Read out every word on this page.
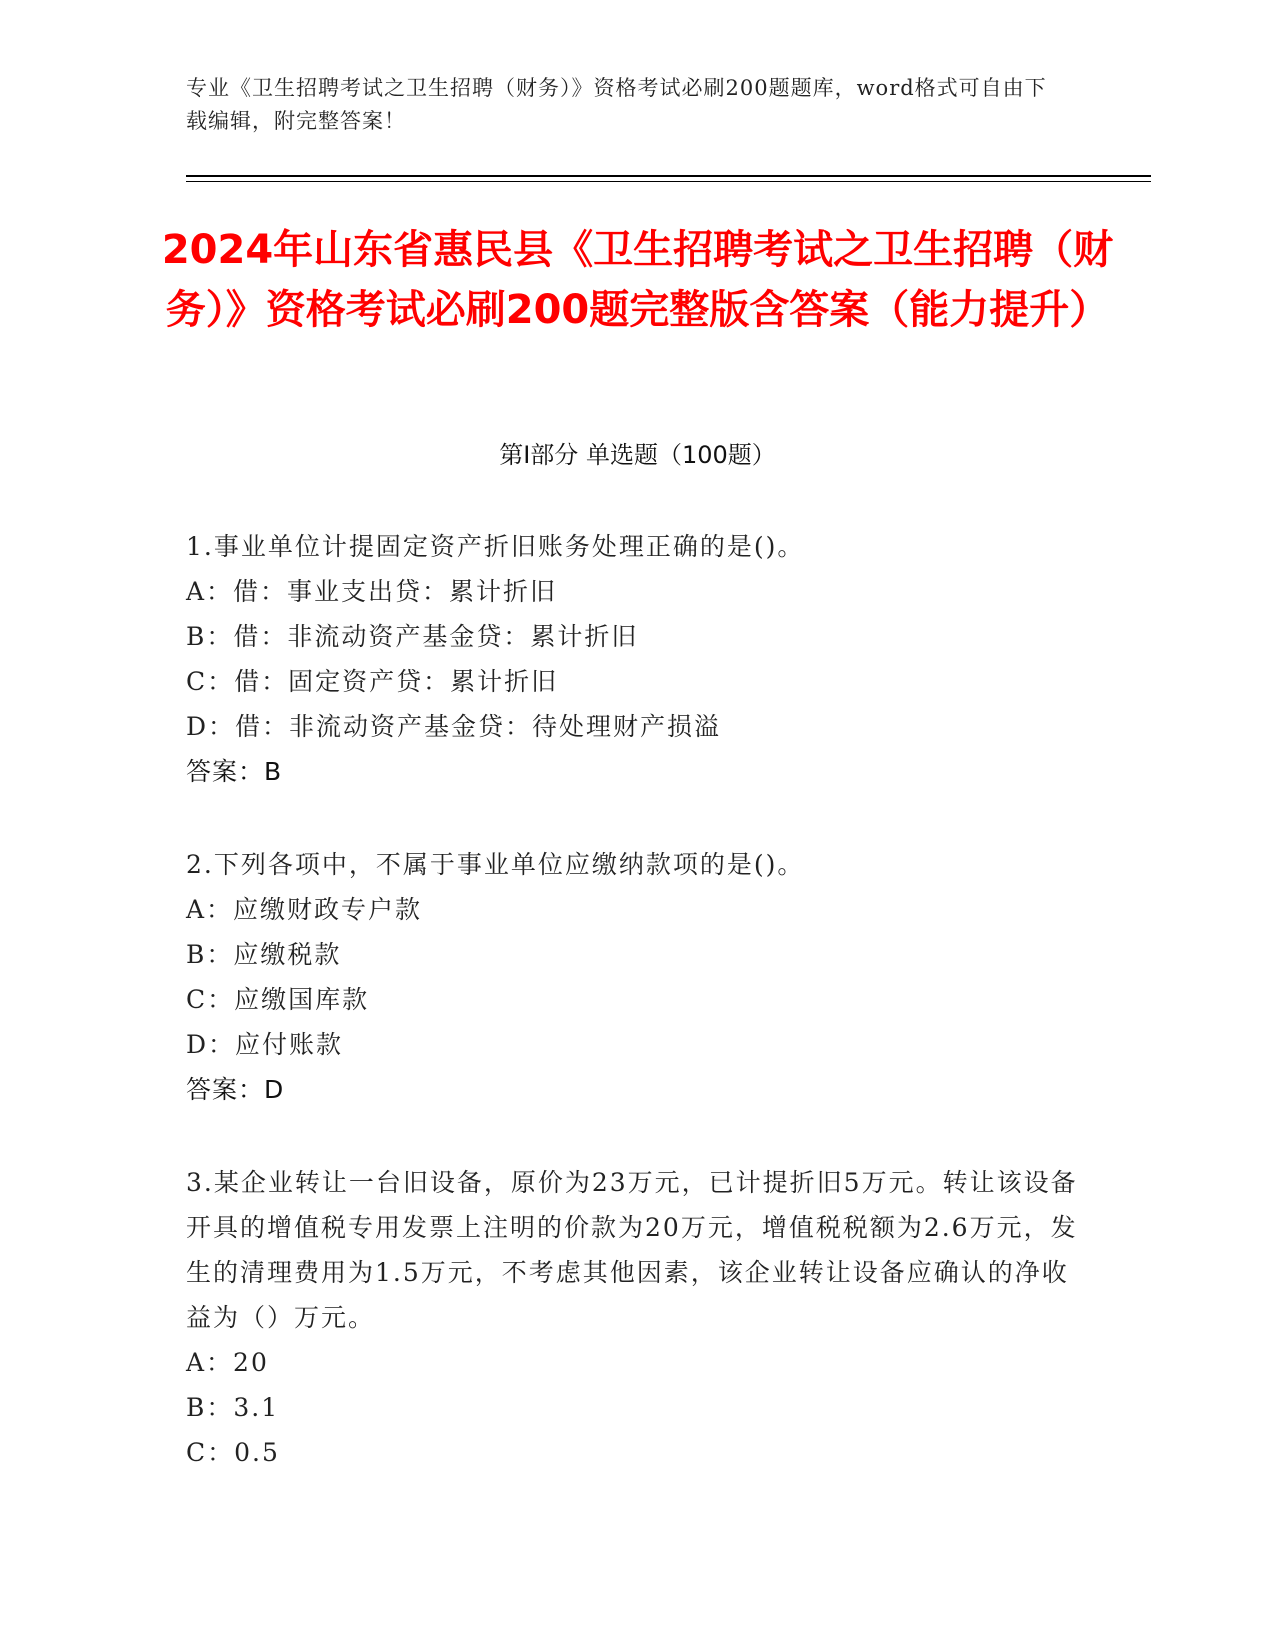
专业《卫生招聘考试之卫生招聘（财务）》资格考试必刷200题题库，word格式可自由下载编辑，附完整答案！
2024年山东省惠民县《卫生招聘考试之卫生招聘（财务）》资格考试必刷200题完整版含答案（能力提升）
第I部分 单选题（100题）
1.事业单位计提固定资产折旧账务处理正确的是()。
A：借：事业支出贷：累计折旧
B：借：非流动资产基金贷：累计折旧
C：借：固定资产贷：累计折旧
D：借：非流动资产基金贷：待处理财产损溢
答案：B
2.下列各项中，不属于事业单位应缴纳款项的是()。
A：应缴财政专户款
B：应缴税款
C：应缴国库款
D：应付账款
答案：D
3.某企业转让一台旧设备，原价为23万元，已计提折旧5万元。转让该设备开具的增值税专用发票上注明的价款为20万元，增值税税额为2.6万元，发生的清理费用为1.5万元，不考虑其他因素，该企业转让设备应确认的净收益为（）万元。
A：20
B：3.1
C：0.5
